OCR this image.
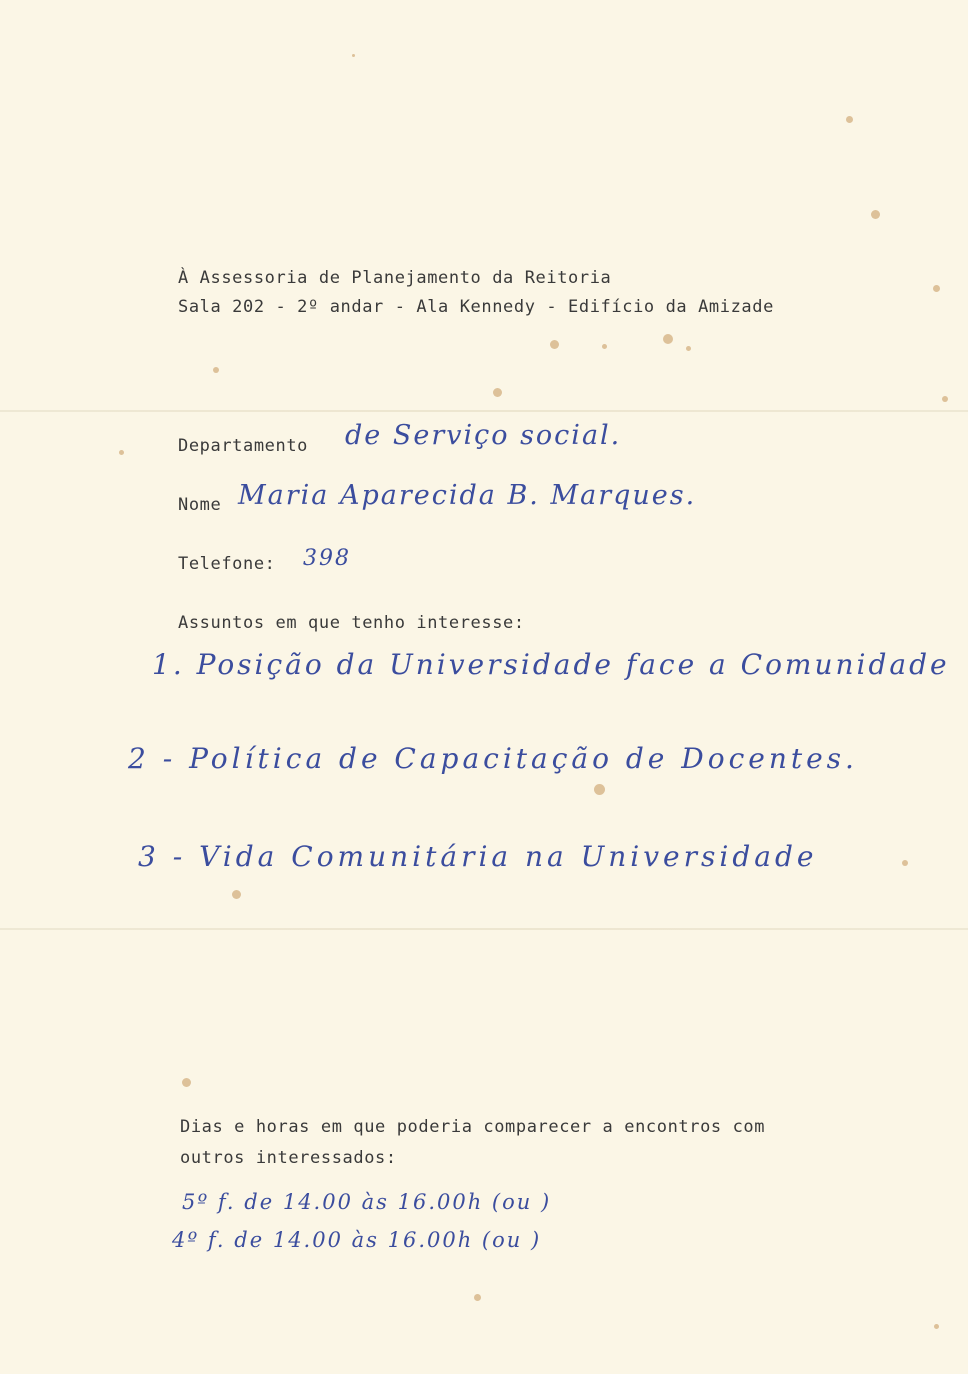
À Assessoria de Planejamento da Reitoria
Sala 202 - 2º andar - Ala Kennedy - Edifício da Amizade
Departamento de Serviço social.
Nome Maria Aparecida B. Marques.
Telefone: 398
Assuntos em que tenho interesse:
1. Posição da Universidade face a Comunidade
2 - Política de Capacitação de Docentes.
3 - Vida Comunitária na Universidade
Dias e horas em que poderia comparecer a encontros com
outros interessados:
5º f. de 14.00 às 16.00h (ou )
4º f. de 14.00 às 16.00h (ou )
